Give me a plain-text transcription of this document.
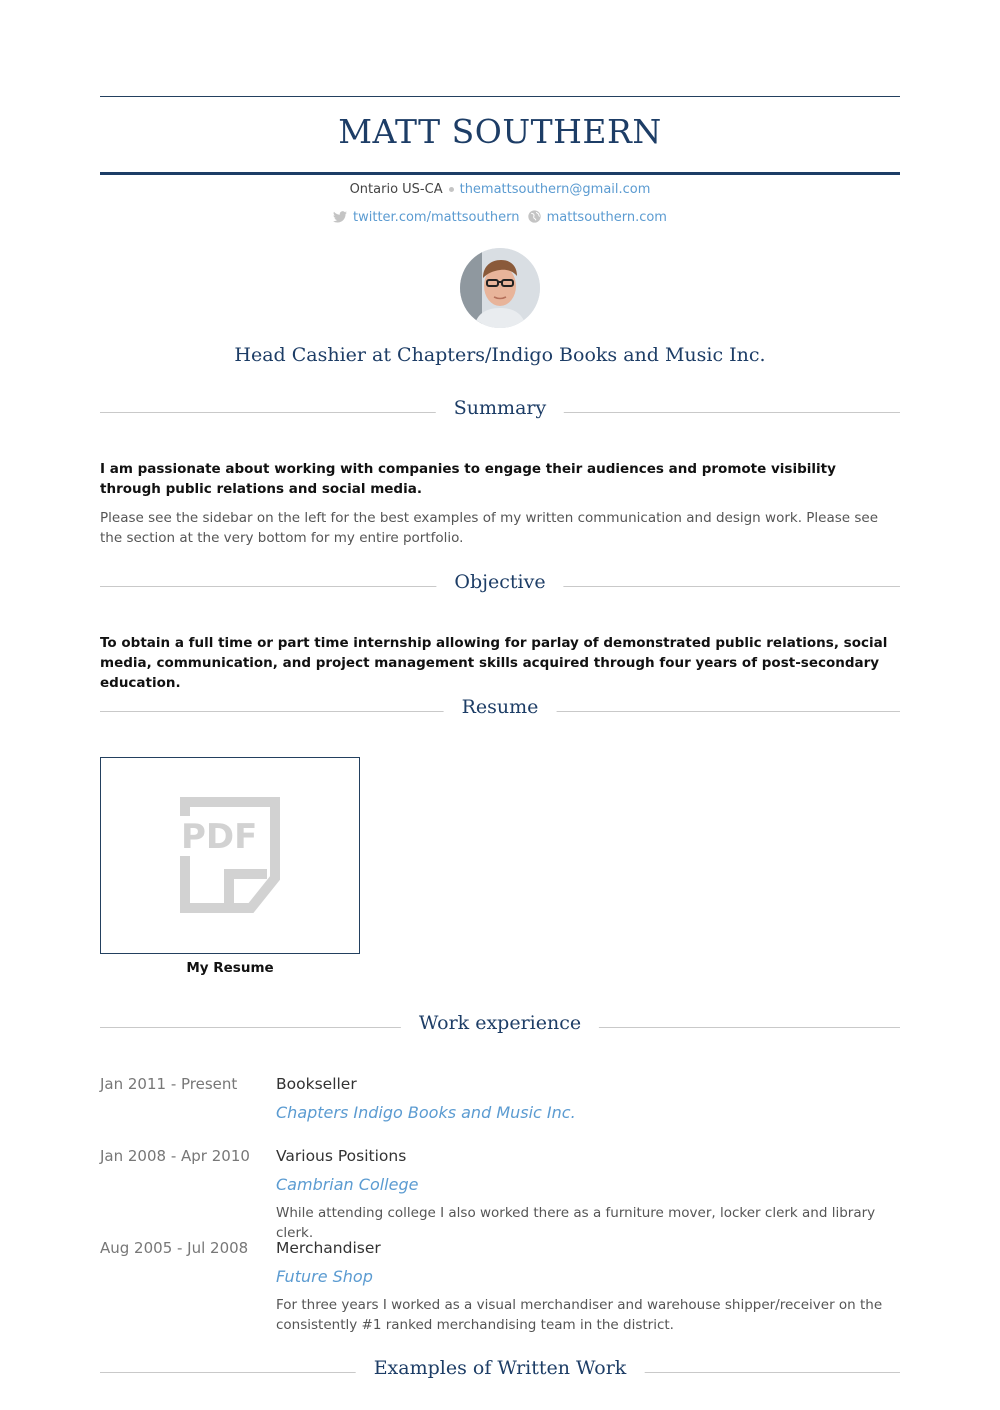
MATT SOUTHERN
Ontario US-CA themattsouthern@gmail.com
twitter.com/mattsouthern mattsouthern.com
Head Cashier at Chapters/Indigo Books and Music Inc.
Summary
I am passionate about working with companies to engage their audiences and promote visibility through public relations and social media.
Please see the sidebar on the left for the best examples of my written communication and design work. Please see the section at the very bottom for my entire portfolio.
Objective
To obtain a full time or part time internship allowing for parlay of demonstrated public relations, social media, communication, and project management skills acquired through four years of post-secondary education.
Resume
PDF
My Resume
Work experience
Jan 2011 - Present Bookseller
Chapters Indigo Books and Music Inc.
Jan 2008 - Apr 2010 Various Positions
Cambrian College
While attending college I also worked there as a furniture mover, locker clerk and library clerk.
Aug 2005 - Jul 2008 Merchandiser
Future Shop
For three years I worked as a visual merchandiser and warehouse shipper/receiver on the consistently #1 ranked merchandising team in the district.
Examples of Written Work
